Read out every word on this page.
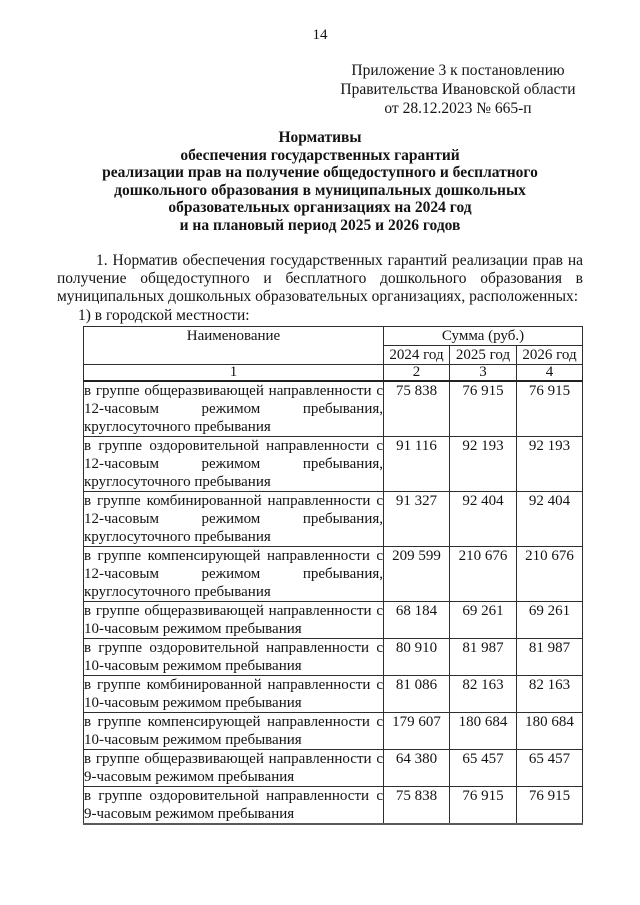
14
Приложение 3 к постановлению
Правительства Ивановской области
от 28.12.2023 № 665-п
Нормативы
обеспечения государственных гарантий
реализации прав на получение общедоступного и бесплатного
дошкольного образования в муниципальных дошкольных
образовательных организациях на 2024 год
и на плановый период 2025 и 2026 годов

1. Норматив обеспечения государственных гарантий реализации прав на получение общедоступного и бесплатного дошкольного образования в муниципальных дошкольных образовательных организациях, расположенных:

1) в городской местности:

Наименование	Сумма (руб.)		
	2024 год	2025 год	2026 год
1	2	3	4
в группе общеразвивающей направленности с 12-часовым режимом пребывания, круглосуточного пребывания	75 838	76 915	76 915
в группе оздоровительной направленности с 12-часовым режимом пребывания, круглосуточного пребывания	91 116	92 193	92 193
в группе комбинированной направленности с 12-часовым режимом пребывания, круглосуточного пребывания	91 327	92 404	92 404
в группе компенсирующей направленности с 12-часовым режимом пребывания, круглосуточного пребывания	209 599	210 676	210 676
в группе общеразвивающей направленности с 10-часовым режимом пребывания	68 184	69 261	69 261
в группе оздоровительной направленности с 10-часовым режимом пребывания	80 910	81 987	81 987
в группе комбинированной направленности с 10-часовым режимом пребывания	81 086	82 163	82 163
в группе компенсирующей направленности с 10-часовым режимом пребывания	179 607	180 684	180 684
в группе общеразвивающей направленности с 9-часовым режимом пребывания	64 380	65 457	65 457
в группе оздоровительной направленности с 9-часовым режимом пребывания	75 838	76 915	76 915
